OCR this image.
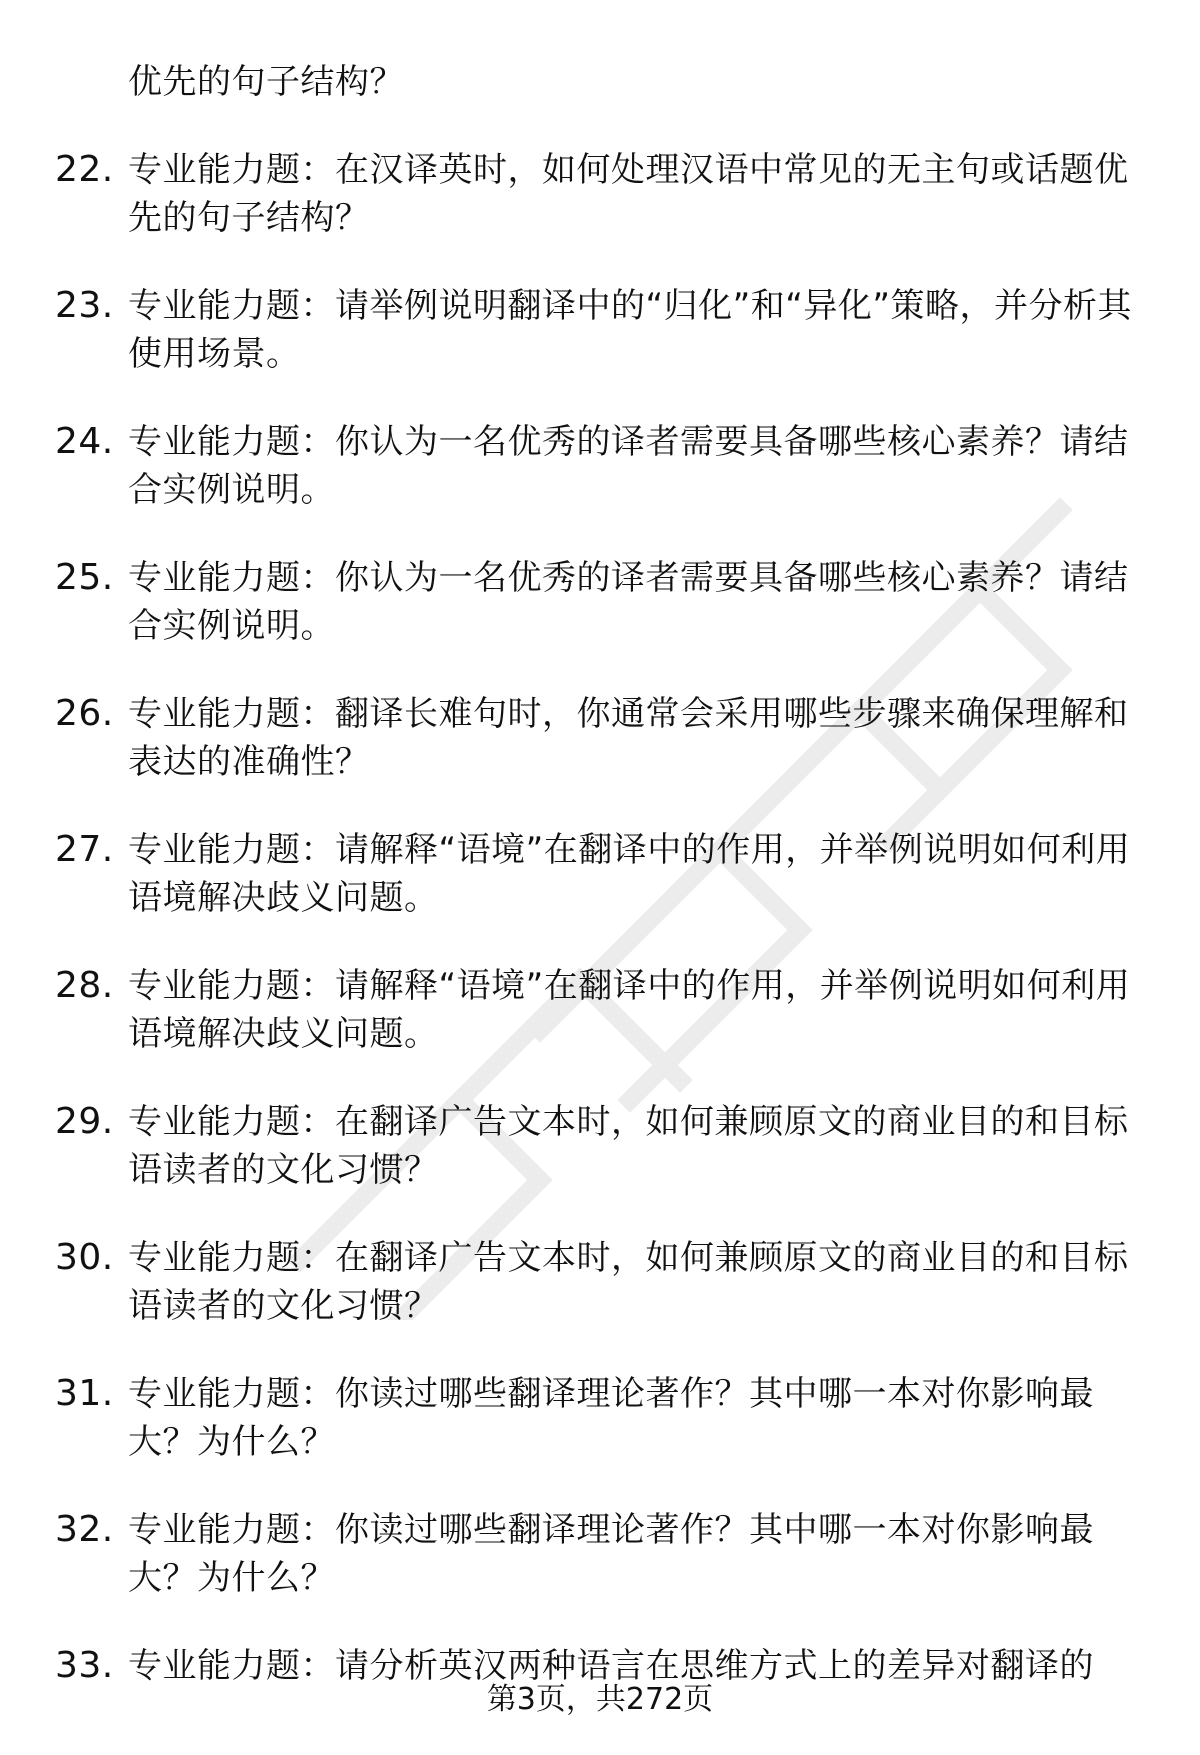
优先的句子结构？
22. 专业能力题：在汉译英时，如何处理汉语中常见的无主句或话题优先的句子结构？
23. 专业能力题：请举例说明翻译中的“归化”和“异化”策略，并分析其使用场景。
24. 专业能力题：你认为一名优秀的译者需要具备哪些核心素养？请结合实例说明。
25. 专业能力题：你认为一名优秀的译者需要具备哪些核心素养？请结合实例说明。
26. 专业能力题：翻译长难句时，你通常会采用哪些步骤来确保理解和表达的准确性？
27. 专业能力题：请解释“语境”在翻译中的作用，并举例说明如何利用语境解决歧义问题。
28. 专业能力题：请解释“语境”在翻译中的作用，并举例说明如何利用语境解决歧义问题。
29. 专业能力题：在翻译广告文本时，如何兼顾原文的商业目的和目标语读者的文化习惯？
30. 专业能力题：在翻译广告文本时，如何兼顾原文的商业目的和目标语读者的文化习惯？
31. 专业能力题：你读过哪些翻译理论著作？其中哪一本对你影响最大？为什么？
32. 专业能力题：你读过哪些翻译理论著作？其中哪一本对你影响最大？为什么？
33. 专业能力题：请分析英汉两种语言在思维方式上的差异对翻译的
第3页，共272页
